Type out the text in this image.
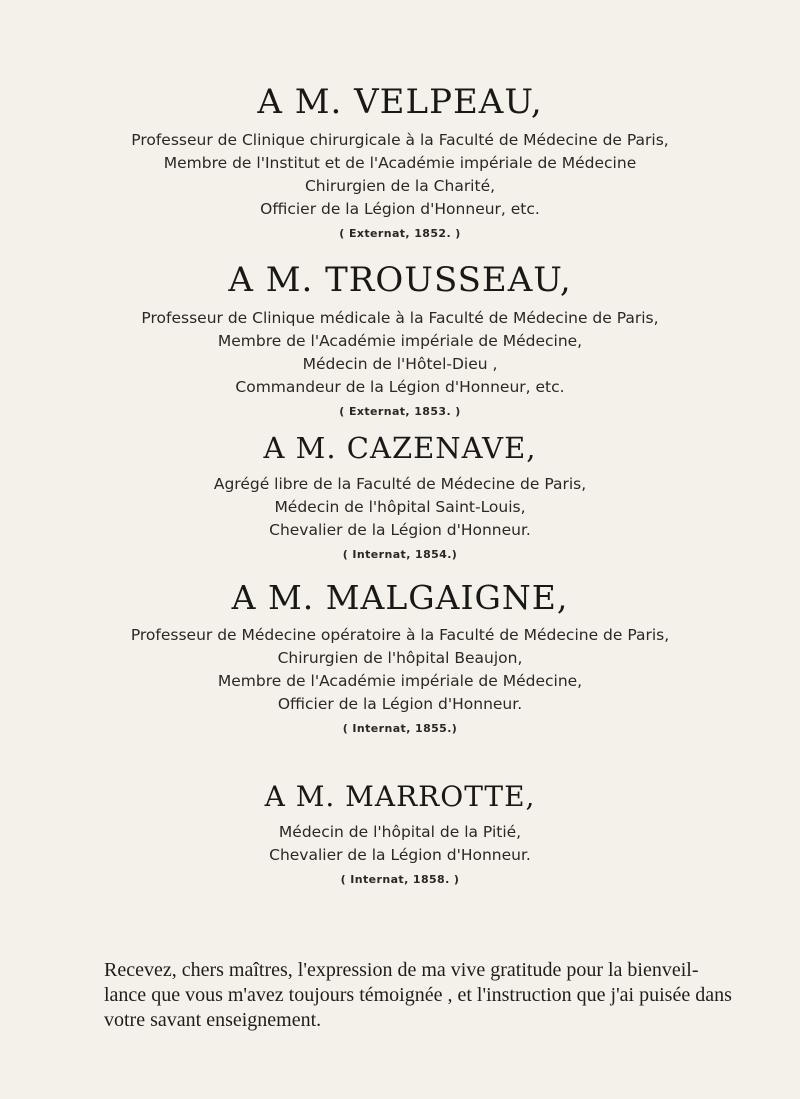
A M. VELPEAU,

Professeur de Clinique chirurgicale à la Faculté de Médecine de Paris,

Membre de l'Institut et de l'Académie impériale de Médecine

Chirurgien de la Charité,

Officier de la Légion d'Honneur, etc.

( Externat, 1852. )
A M. TROUSSEAU,

Professeur de Clinique médicale à la Faculté de Médecine de Paris,

Membre de l'Académie impériale de Médecine,

Médecin de l'Hôtel-Dieu ,

Commandeur de la Légion d'Honneur, etc.

( Externat, 1853. )
A M. CAZENAVE,

Agrégé libre de la Faculté de Médecine de Paris,

Médecin de l'hôpital Saint-Louis,

Chevalier de la Légion d'Honneur.

( Internat, 1854.)
A M. MALGAIGNE,

Professeur de Médecine opératoire à la Faculté de Médecine de Paris,

Chirurgien de l'hôpital Beaujon,

Membre de l'Académie impériale de Médecine,

Officier de la Légion d'Honneur.

( Internat, 1855.)
A M. MARROTTE,

Médecin de l'hôpital de la Pitié,

Chevalier de la Légion d'Honneur.

( Internat, 1858. )
Recevez, chers maîtres, l'expression de ma vive gratitude pour la bienveil-
lance que vous m'avez toujours témoignée , et l'instruction que j'ai puisée dans
votre savant enseignement.
